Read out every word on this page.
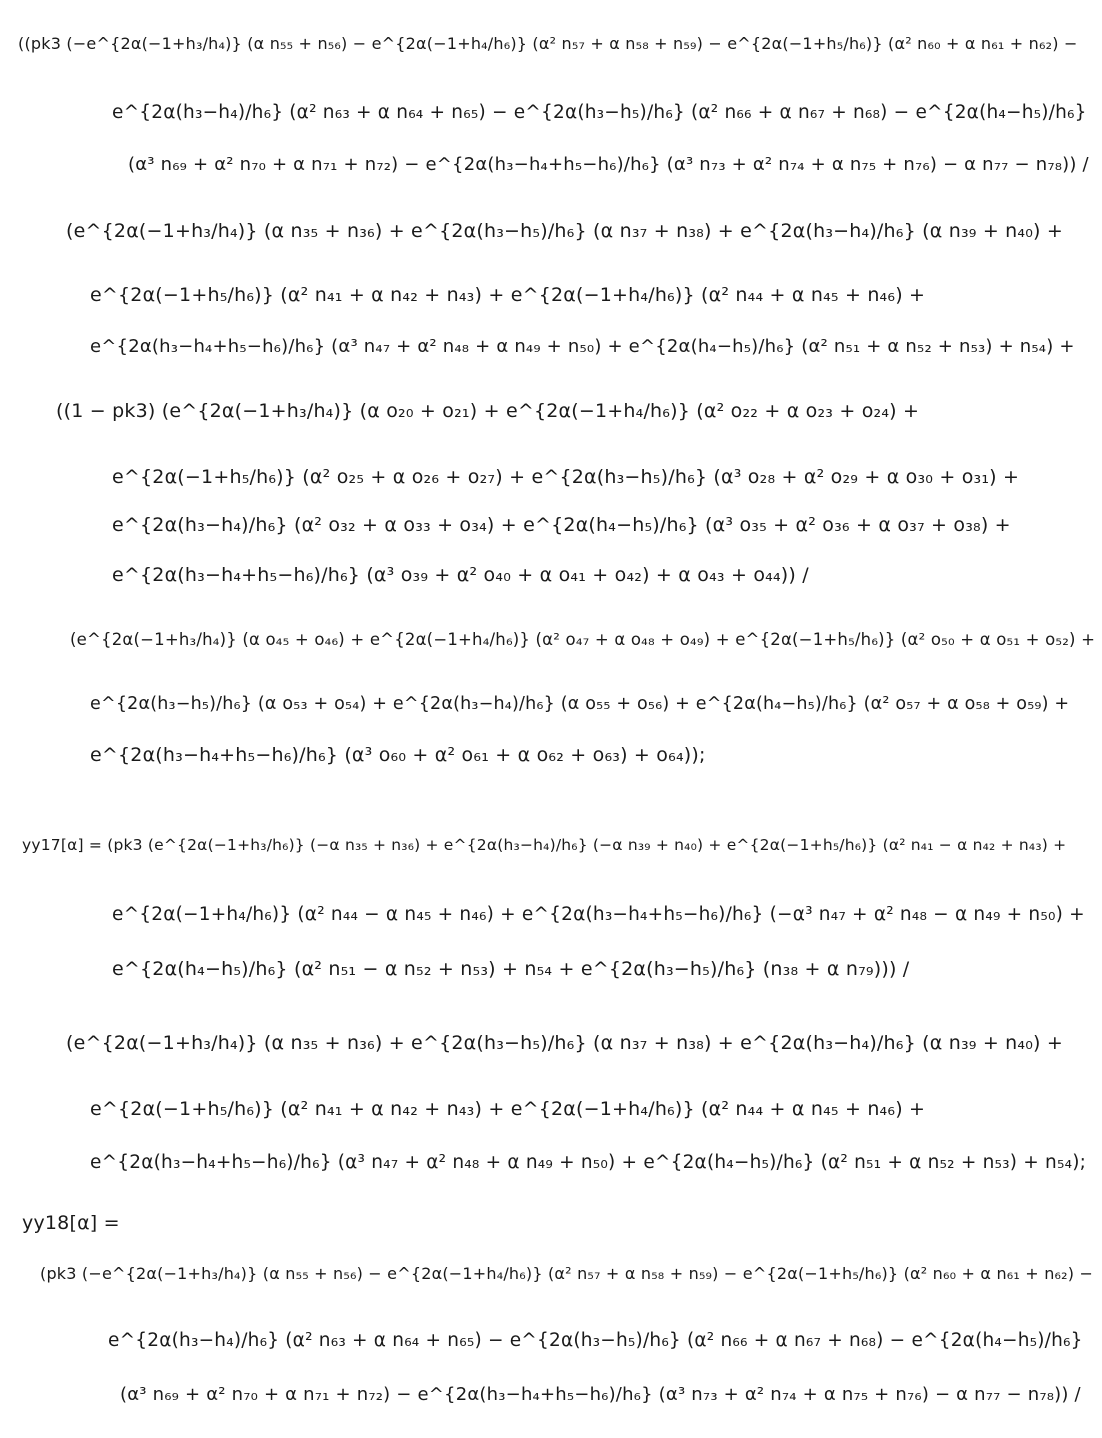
((pk3 (−e^{2α(−1+h₃/h₄)} (α n₅₅ + n₅₆) − e^{2α(−1+h₄/h₆)} (α² n₅₇ + α n₅₈ + n₅₉) − e^{2α(−1+h₅/h₆)} (α² n₆₀ + α n₆₁ + n₆₂) −
e^{2α(h₃−h₄)/h₆} (α² n₆₃ + α n₆₄ + n₆₅) − e^{2α(h₃−h₅)/h₆} (α² n₆₆ + α n₆₇ + n₆₈) − e^{2α(h₄−h₅)/h₆}
(α³ n₆₉ + α² n₇₀ + α n₇₁ + n₇₂) − e^{2α(h₃−h₄+h₅−h₆)/h₆} (α³ n₇₃ + α² n₇₄ + α n₇₅ + n₇₆) − α n₇₇ − n₇₈)) /
(e^{2α(−1+h₃/h₄)} (α n₃₅ + n₃₆) + e^{2α(h₃−h₅)/h₆} (α n₃₇ + n₃₈) + e^{2α(h₃−h₄)/h₆} (α n₃₉ + n₄₀) +
e^{2α(−1+h₅/h₆)} (α² n₄₁ + α n₄₂ + n₄₃) + e^{2α(−1+h₄/h₆)} (α² n₄₄ + α n₄₅ + n₄₆) +
e^{2α(h₃−h₄+h₅−h₆)/h₆} (α³ n₄₇ + α² n₄₈ + α n₄₉ + n₅₀) + e^{2α(h₄−h₅)/h₆} (α² n₅₁ + α n₅₂ + n₅₃) + n₅₄) +
((1 − pk3) (e^{2α(−1+h₃/h₄)} (α o₂₀ + o₂₁) + e^{2α(−1+h₄/h₆)} (α² o₂₂ + α o₂₃ + o₂₄) +
e^{2α(−1+h₅/h₆)} (α² o₂₅ + α o₂₆ + o₂₇) + e^{2α(h₃−h₅)/h₆} (α³ o₂₈ + α² o₂₉ + α o₃₀ + o₃₁) +
e^{2α(h₃−h₄)/h₆} (α² o₃₂ + α o₃₃ + o₃₄) + e^{2α(h₄−h₅)/h₆} (α³ o₃₅ + α² o₃₆ + α o₃₇ + o₃₈) +
e^{2α(h₃−h₄+h₅−h₆)/h₆} (α³ o₃₉ + α² o₄₀ + α o₄₁ + o₄₂) + α o₄₃ + o₄₄)) /
(e^{2α(−1+h₃/h₄)} (α o₄₅ + o₄₆) + e^{2α(−1+h₄/h₆)} (α² o₄₇ + α o₄₈ + o₄₉) + e^{2α(−1+h₅/h₆)} (α² o₅₀ + α o₅₁ + o₅₂) +
e^{2α(h₃−h₅)/h₆} (α o₅₃ + o₅₄) + e^{2α(h₃−h₄)/h₆} (α o₅₅ + o₅₆) + e^{2α(h₄−h₅)/h₆} (α² o₅₇ + α o₅₈ + o₅₉) +
e^{2α(h₃−h₄+h₅−h₆)/h₆} (α³ o₆₀ + α² o₆₁ + α o₆₂ + o₆₃) + o₆₄));
yy17[α] = (pk3 (e^{2α(−1+h₃/h₆)} (−α n₃₅ + n₃₆) + e^{2α(h₃−h₄)/h₆} (−α n₃₉ + n₄₀) + e^{2α(−1+h₅/h₆)} (α² n₄₁ − α n₄₂ + n₄₃) +
e^{2α(−1+h₄/h₆)} (α² n₄₄ − α n₄₅ + n₄₆) + e^{2α(h₃−h₄+h₅−h₆)/h₆} (−α³ n₄₇ + α² n₄₈ − α n₄₉ + n₅₀) +
e^{2α(h₄−h₅)/h₆} (α² n₅₁ − α n₅₂ + n₅₃) + n₅₄ + e^{2α(h₃−h₅)/h₆} (n₃₈ + α n₇₉))) /
(e^{2α(−1+h₃/h₄)} (α n₃₅ + n₃₆) + e^{2α(h₃−h₅)/h₆} (α n₃₇ + n₃₈) + e^{2α(h₃−h₄)/h₆} (α n₃₉ + n₄₀) +
e^{2α(−1+h₅/h₆)} (α² n₄₁ + α n₄₂ + n₄₃) + e^{2α(−1+h₄/h₆)} (α² n₄₄ + α n₄₅ + n₄₆) +
e^{2α(h₃−h₄+h₅−h₆)/h₆} (α³ n₄₇ + α² n₄₈ + α n₄₉ + n₅₀) + e^{2α(h₄−h₅)/h₆} (α² n₅₁ + α n₅₂ + n₅₃) + n₅₄);
yy18[α] =
(pk3 (−e^{2α(−1+h₃/h₄)} (α n₅₅ + n₅₆) − e^{2α(−1+h₄/h₆)} (α² n₅₇ + α n₅₈ + n₅₉) − e^{2α(−1+h₅/h₆)} (α² n₆₀ + α n₆₁ + n₆₂) −
e^{2α(h₃−h₄)/h₆} (α² n₆₃ + α n₆₄ + n₆₅) − e^{2α(h₃−h₅)/h₆} (α² n₆₆ + α n₆₇ + n₆₈) − e^{2α(h₄−h₅)/h₆}
(α³ n₆₉ + α² n₇₀ + α n₇₁ + n₇₂) − e^{2α(h₃−h₄+h₅−h₆)/h₆} (α³ n₇₃ + α² n₇₄ + α n₇₅ + n₇₆) − α n₇₇ − n₇₈)) /
